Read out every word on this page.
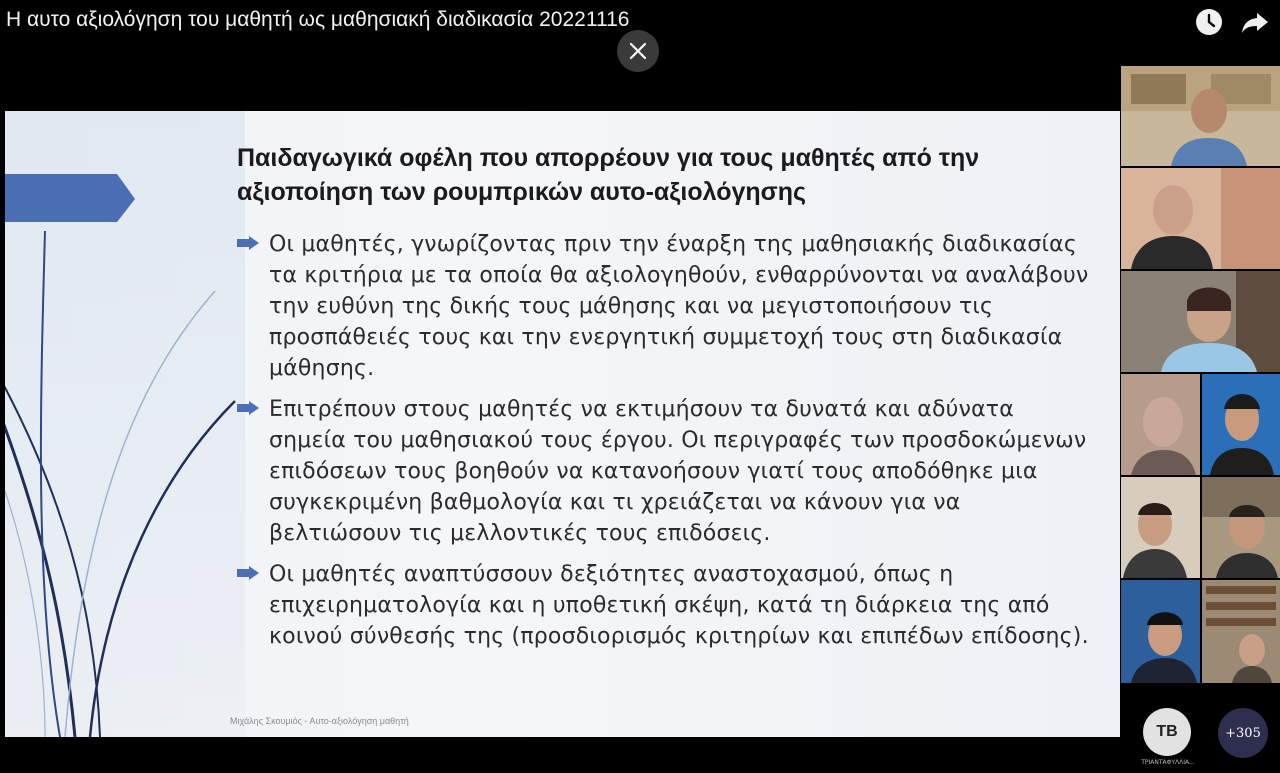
Η αυτο αξιολόγηση του μαθητή ως μαθησιακή διαδικασία 20221116
Παιδαγωγικά οφέλη που απορρέουν για τους μαθητές από την αξιοποίηση των ρουμπρικών αυτο-αξιολόγησης
Οι μαθητές, γνωρίζοντας πριν την έναρξη της μαθησιακής διαδικασίας τα κριτήρια με τα οποία θα αξιολογηθούν, ενθαρρύνονται να αναλάβουν την ευθύνη της δικής τους μάθησης και να μεγιστοποιήσουν τις προσπάθειές τους και την ενεργητική συμμετοχή τους στη διαδικασία μάθησης.
Επιτρέπουν στους μαθητές να εκτιμήσουν τα δυνατά και αδύνατα σημεία του μαθησιακού τους έργου. Οι περιγραφές των προσδοκώμενων επιδόσεων τους βοηθούν να κατανοήσουν γιατί τους αποδόθηκε μια συγκεκριμένη βαθμολογία και τι χρειάζεται να κάνουν για να βελτιώσουν τις μελλοντικές τους επιδόσεις.
Οι μαθητές αναπτύσσουν δεξιότητες αναστοχασμού, όπως η επιχειρηματολογία και η υποθετική σκέψη, κατά τη διάρκεια της από κοινού σύνθεσής της (προσδιορισμός κριτηρίων και επιπέδων επίδοσης).
Μιχάλης Σκουμιός - Αυτο-αξιολόγηση μαθητή
TB
ΤΡΙΑΝΤΑΦΥΛΛΙΑ...
+305
